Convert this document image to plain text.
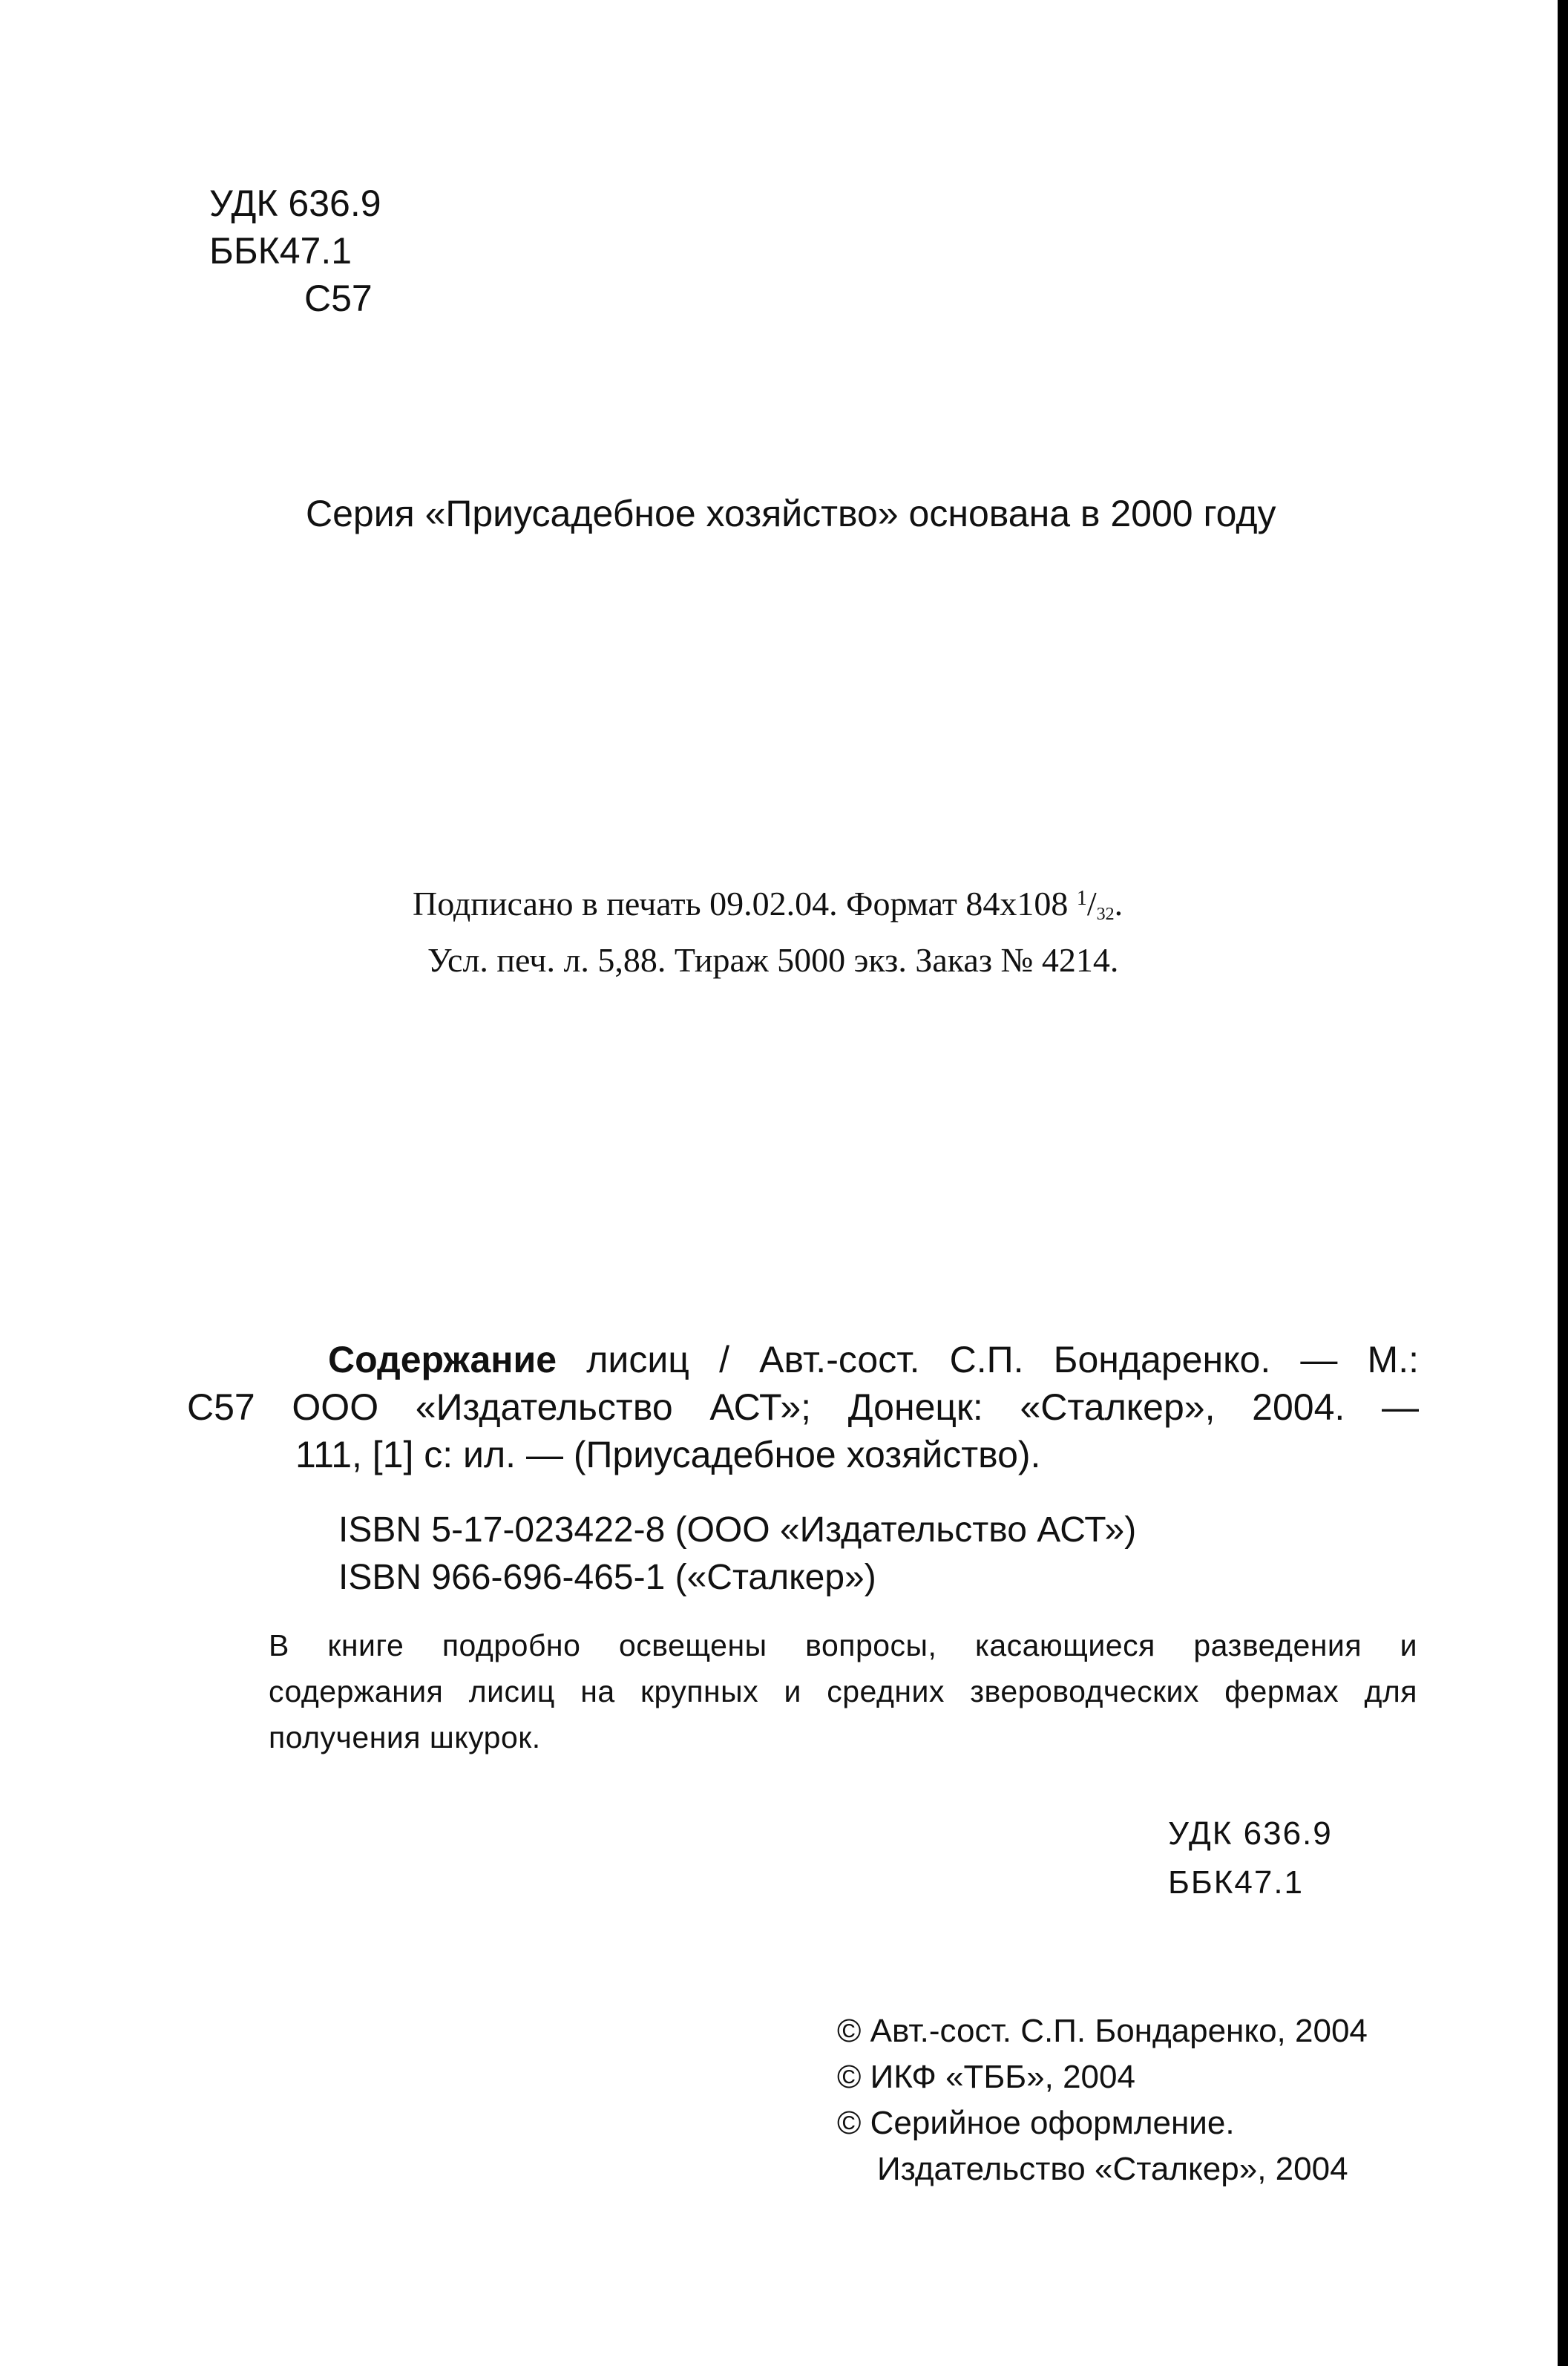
УДК 636.9
ББК47.1
С57
Серия «Приусадебное хозяйство» основана в 2000 году
Подписано в печать 09.02.04. Формат 84x108 $^1/_{32}$.
Усл. печ. л. 5,88. Тираж 5000 экз. Заказ № 4214.
Содержание лисиц / Авт.-сост. С.П. Бондаренко. — М.:
С57 ООО «Издательство АСТ»; Донецк: «Сталкер», 2004. —
111, [1] с: ил. — (Приусадебное хозяйство).
ISBN 5-17-023422-8 (ООО «Издательство АСТ»)
ISBN 966-696-465-1 («Сталкер»)
В книге подробно освещены вопросы, касающиеся разведения и
содержания лисиц на крупных и средних звероводческих фермах для
получения шкурок.
УДК 636.9
ББК47.1
© Авт.-сост. С.П. Бондаренко, 2004
© ИКФ «ТББ», 2004
© Серийное оформление.
Издательство «Сталкер», 2004
